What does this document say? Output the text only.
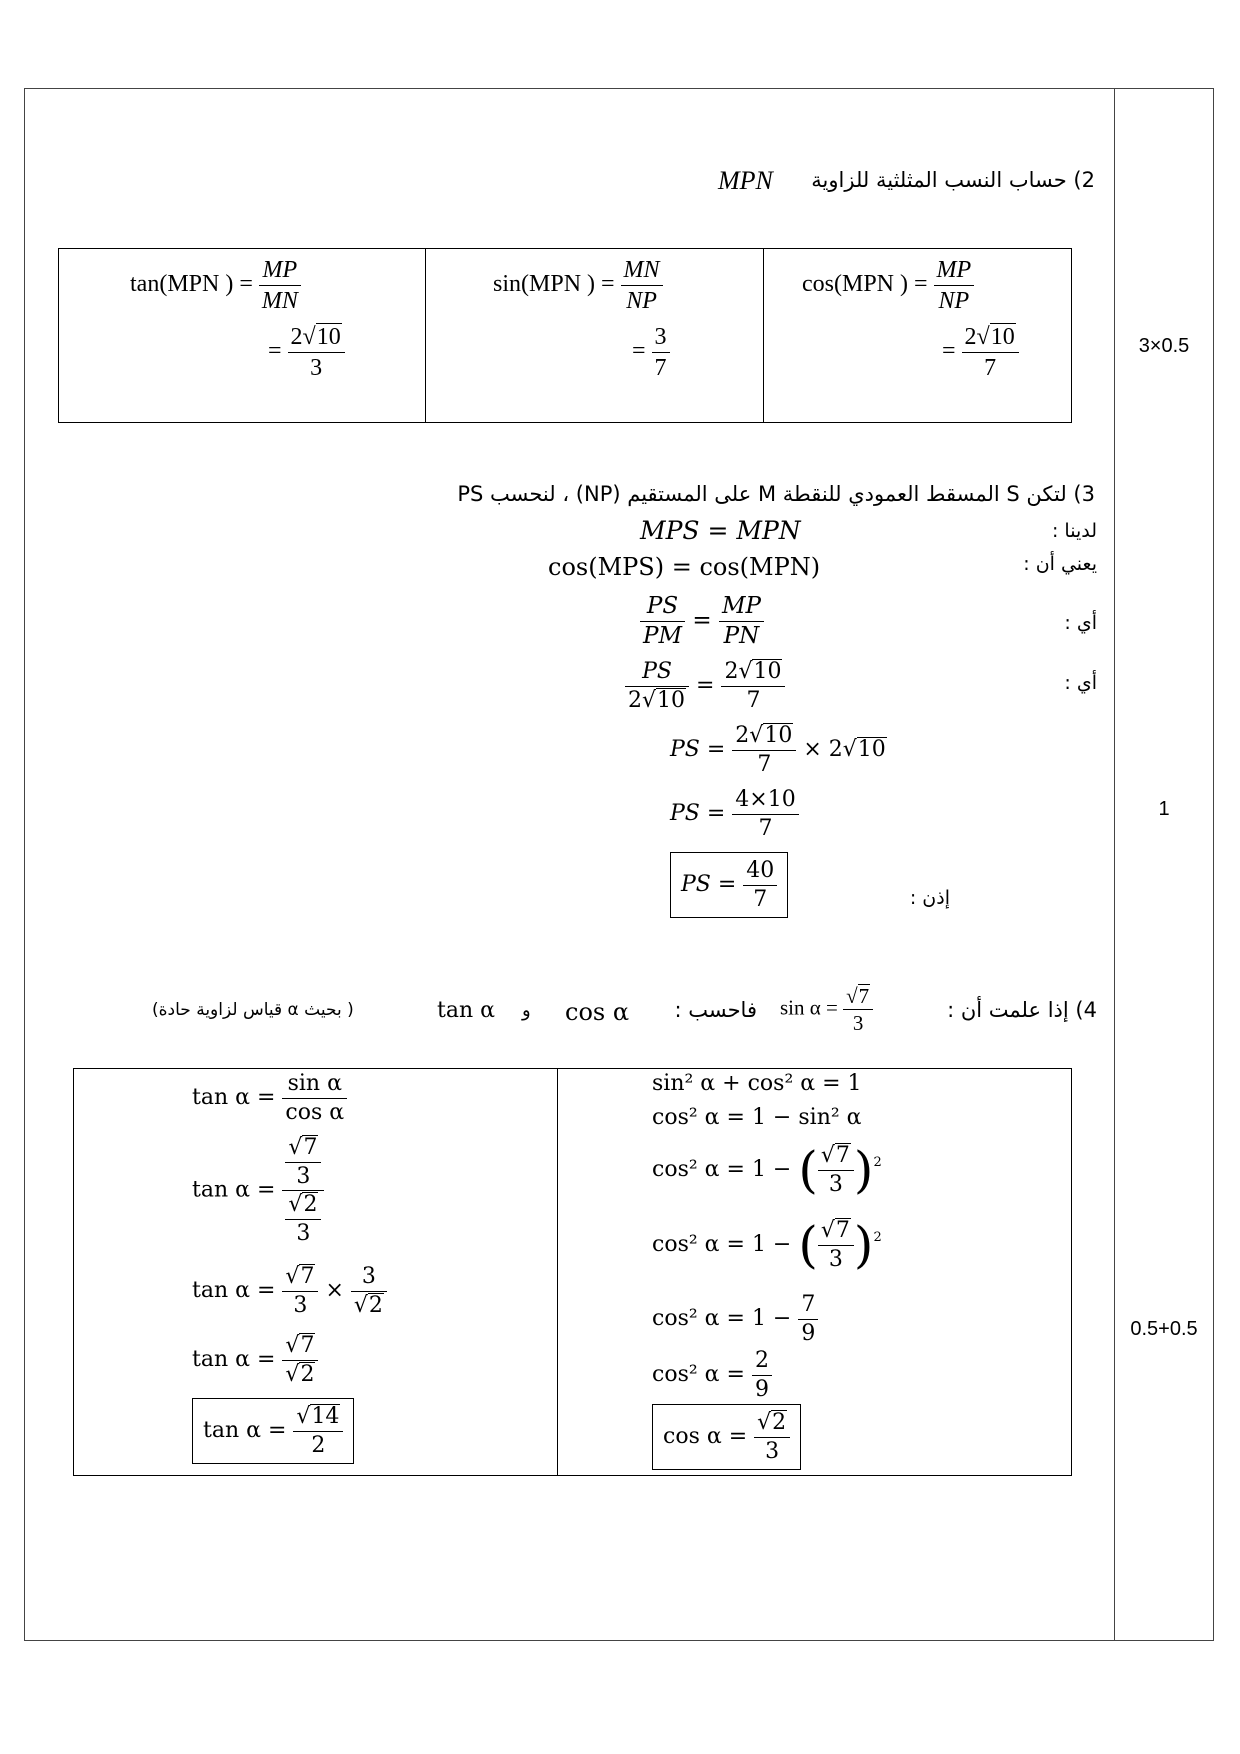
2) حساب النسب المثلثية للزاوية
MPN
3×0.5
tan(MPN ) = $\frac{MP}{MN}$
= $\frac{2√10}{3}$
sin(MPN ) = $\frac{MN}{NP}$
= $\frac{3}{7}$
cos(MPN ) = $\frac{MP}{NP}$
= $\frac{2√10}{7}$
3) لتكن S المسقط العمودي للنقطة M على المستقيم (NP) ، لنحسب PS
1
لدينا :
MPS = MPN
يعني أن :
cos(MPS) = cos(MPN)
أي :
$\frac{PS}{PM} = \frac{MP}{PN}$
أي :
$\frac{PS}{2√10} = \frac{2√10}{7}$
PS = $\frac{2√10}{7} \times 2√10$
PS = $\frac{4\times 10}{7}$
PS = $\frac{40}{7}$	إذن :
4) إذا علمت أن :
$\sin \alpha = \frac{√7}{3}$
فاحسب :
cos α
و
tan α
( بحيث α قياس لزاوية حادة)
0.5+0.5
sin² α + cos² α = 1
cos² α = 1 − sin² α
cos² α = 1 − ( $\frac{√7}{3} )^2$
cos² α = 1 − ( $\frac{√7}{3} )^2$
cos² $\alpha = 1 - \frac{7}{9}$
cos² $\alpha = \frac{2}{9}$
$\cos \alpha = \frac{√2}{3}$
$\tan \alpha = \frac{\text{sin α}}{\text{cos α}}$
$\tan \alpha = \frac{\frac{√7}{3}}{\frac{√2}{3}}$
$\tan \alpha = \frac{√7}{3} \times \frac{3}{√2}$
$\tan \alpha = \frac{√7}{√2}$
$\tan \alpha = \frac{√14}{2}$
